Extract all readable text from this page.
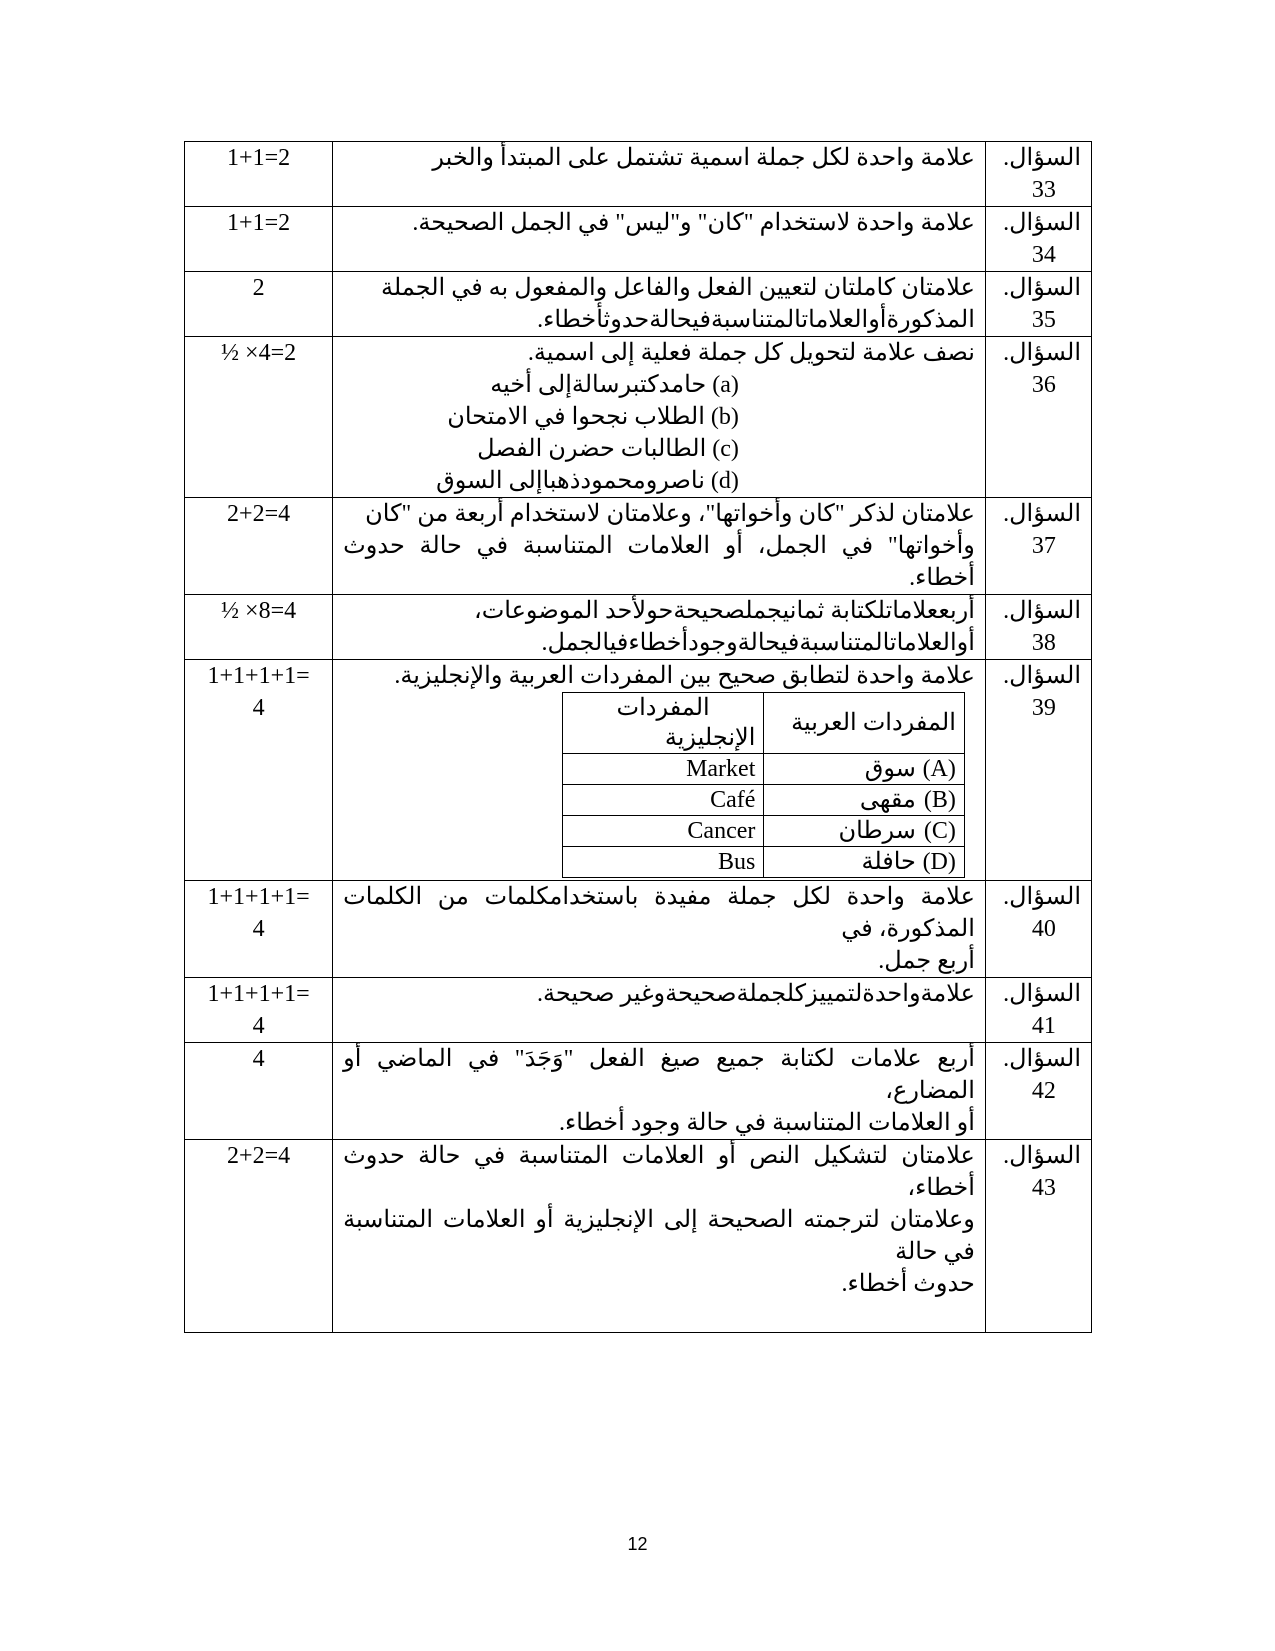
السؤال.
33

علامة واحدة لكل جملة اسمية تشتمل على المبتدأ والخبر

1+1=2

السؤال.
34

علامة واحدة لاستخدام "كان" و"ليس" في الجمل الصحيحة.

1+1=2

السؤال.
35

علامتان كاملتان لتعيين الفعل والفاعل والمفعول به في الجملة
المذكورةأوالعلاماتالمتناسبةفيحالةحدوثأخطاء.

2

السؤال.
36

نصف علامة لتحويل كل جملة فعلية إلى اسمية.
(a) حامدكتبرسالةإلى أخيه
(b) الطلاب نجحوا في الامتحان
(c) الطالبات حضرن الفصل
(d) ناصرومحمودذهباإلى السوق

½ ×4=2

السؤال.
37

علامتان لذكر "كان وأخواتها"، وعلامتان لاستخدام أربعة من "كان
وأخواتها" في الجمل، أو العلامات المتناسبة في حالة حدوث أخطاء.

2+2=4

السؤال.
38

أربععلاماتلكتابة ثمانيجملصحيحةحولأحد الموضوعات،
أوالعلاماتالمتناسبةفيحالةوجودأخطاءفيالجمل.

½ ×8=4

السؤال.
39

علامة واحدة لتطابق صحيح بين المفردات العربية والإنجليزية.
المفردات العربية	المفردات الإنجليزية
(A)سوق	Market
(B)مقهى	Café
(C)سرطان	Cancer
(D)حافلة	Bus

1+1+1+1=
4

السؤال.
40

علامة واحدة لكل جملة مفيدة باستخدامكلمات من الكلمات المذكورة، في
أربع جمل.

1+1+1+1=
4

السؤال.
41

علامةواحدةلتمييزكلجملةصحيحةوغير صحيحة.

1+1+1+1=
4

السؤال.
42

أربع علامات لكتابة جميع صيغ الفعل "وَجَدَ" في الماضي أو المضارع،
أو العلامات المتناسبة في حالة وجود أخطاء.

4

السؤال.
43

علامتان لتشكيل النص أو العلامات المتناسبة في حالة حدوث أخطاء،
وعلامتان لترجمته الصحيحة إلى الإنجليزية أو العلامات المتناسبة في حالة
حدوث أخطاء.

2+2=4
12
